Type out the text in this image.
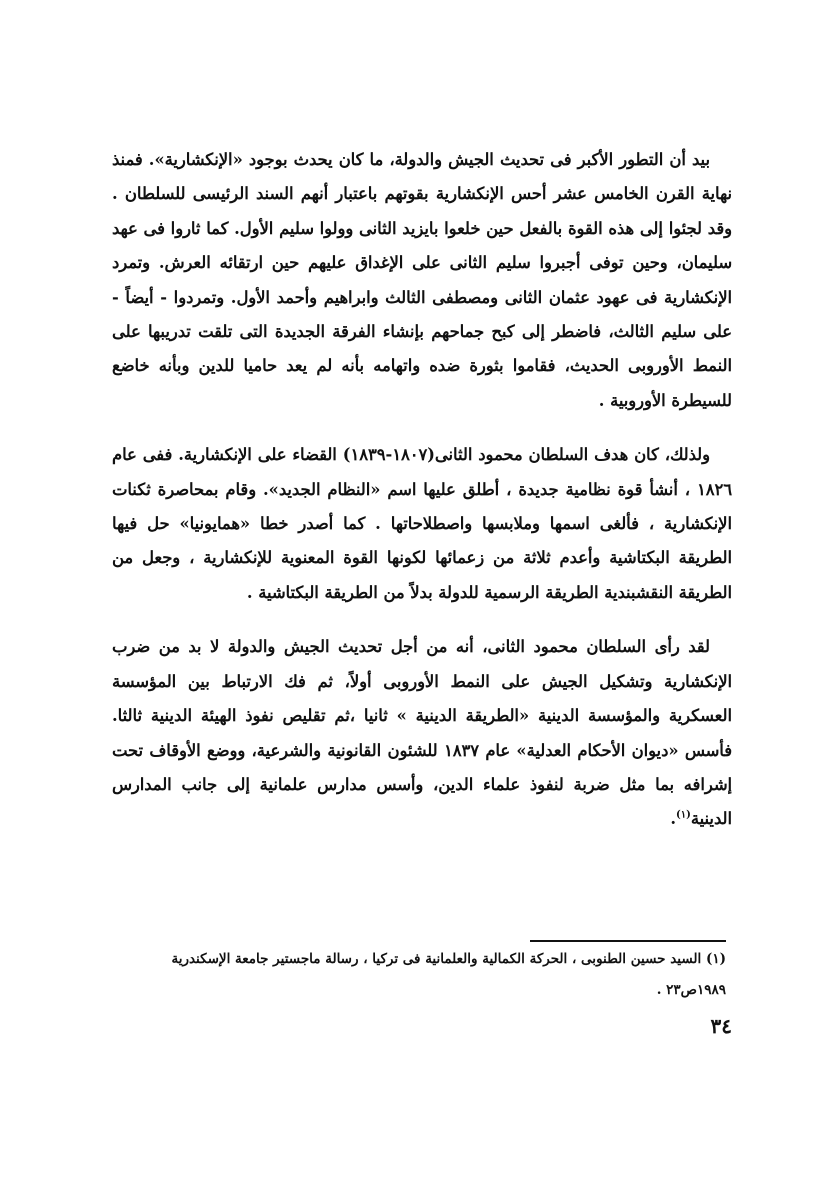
بيد أن التطور الأكبر فى تحديث الجيش والدولة، ما كان يحدث بوجود «الإنكشارية». فمنذ نهاية القرن الخامس عشر أحس الإنكشارية بقوتهم باعتبار أنهم السند الرئيسى للسلطان . وقد لجئوا إلى هذه القوة بالفعل حين خلعوا بايزيد الثانى وولوا سليم الأول. كما ثاروا فى عهد سليمان، وحين توفى أجبروا سليم الثانى على الإغداق عليهم حين ارتقائه العرش. وتمرد الإنكشارية فى عهود عثمان الثانى ومصطفى الثالث وابراهيم وأحمد الأول. وتمردوا - أيضاً - على سليم الثالث، فاضطر إلى كبح جماحهم بإنشاء الفرقة الجديدة التى تلقت تدريبها على النمط الأوروبى الحديث، فقاموا بثورة ضده واتهامه بأنه لم يعد حاميا للدين وبأنه خاضع للسيطرة الأوروبية .

ولذلك، كان هدف السلطان محمود الثانى(١٨٠٧-١٨٣٩) القضاء على الإنكشارية. ففى عام ١٨٢٦ ، أنشأ قوة نظامية جديدة ، أطلق عليها اسم «النظام الجديد». وقام بمحاصرة ثكنات الإنكشارية ، فألغى اسمها وملابسها واصطلاحاتها . كما أصدر خطا «همايونيا» حل فيها الطريقة البكتاشية وأعدم ثلاثة من زعمائها لكونها القوة المعنوية للإنكشارية ، وجعل من الطريقة النقشبندية الطريقة الرسمية للدولة بدلاً من الطريقة البكتاشية .

لقد رأى السلطان محمود الثانى، أنه من أجل تحديث الجيش والدولة لا بد من ضرب الإنكشارية وتشكيل الجيش على النمط الأوروبى أولاً، ثم فك الارتباط بين المؤسسة العسكرية والمؤسسة الدينية «الطريقة الدينية » ثانيا ،ثم تقليص نفوذ الهيئة الدينية ثالثا. فأسس «ديوان الأحكام العدلية» عام ١٨٣٧ للشئون القانونية والشرعية، ووضع الأوقاف تحت إشرافه بما مثل ضربة لنفوذ علماء الدين، وأسس مدارس علمانية إلى جانب المدارس الدينية$^{(١)}$.

(١) السيد حسين الطنوبى ، الحركة الكمالية والعلمانية فى تركيا ، رسالة ماجستير جامعة الإسكندرية

١٩٨٩ص٢٣ .

٣٤
